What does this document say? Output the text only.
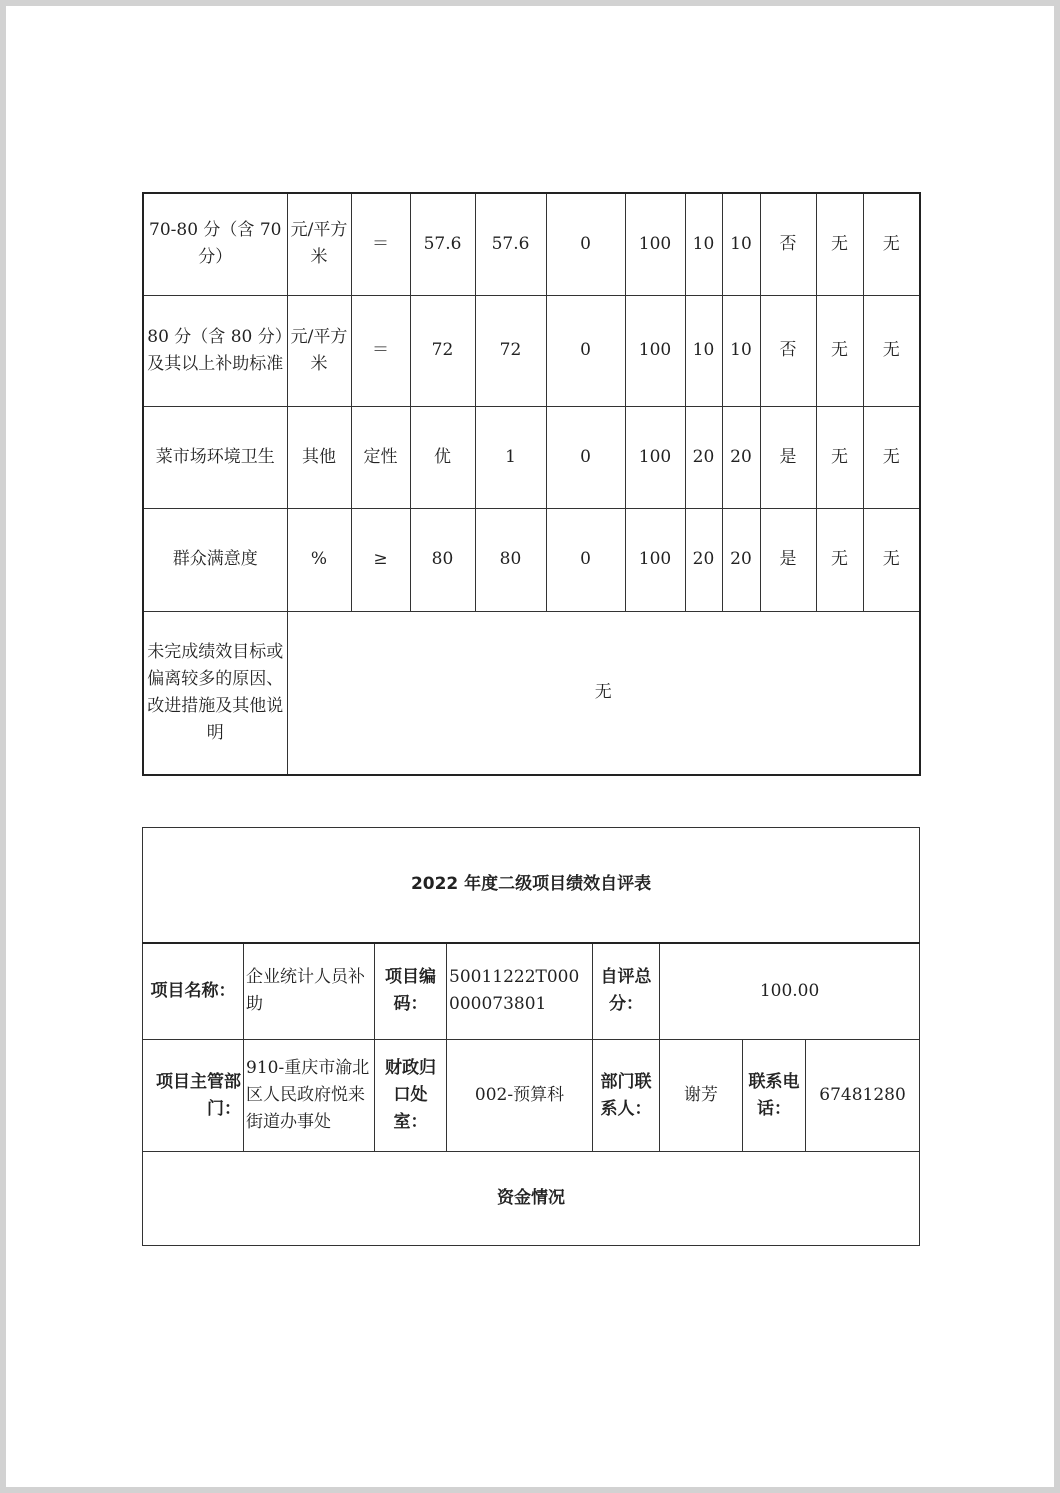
70-80 分（含 70 分）	元/平方米	＝	57.6	57.6	0	100	10	10	否	无	无
80 分（含 80 分）及其以上补助标准	元/平方米	＝	72	72	0	100	10	10	否	无	无
菜市场环境卫生	其他	定性	优	1	0	100	20	20	是	无	无
群众满意度	%	≥	80	80	0	100	20	20	是	无	无
未完成绩效目标或偏离较多的原因、改进措施及其他说明	无										
2022 年度二级项目绩效自评表							
项目名称：	企业统计人员补助	项目编码：	50011222T000000073801	自评总分：	100.00		
项目主管部门：	910-重庆市渝北区人民政府悦来街道办事处	财政归口处室：	002-预算科	部门联系人：	谢芳	联系电话：	67481280
资金情况							
